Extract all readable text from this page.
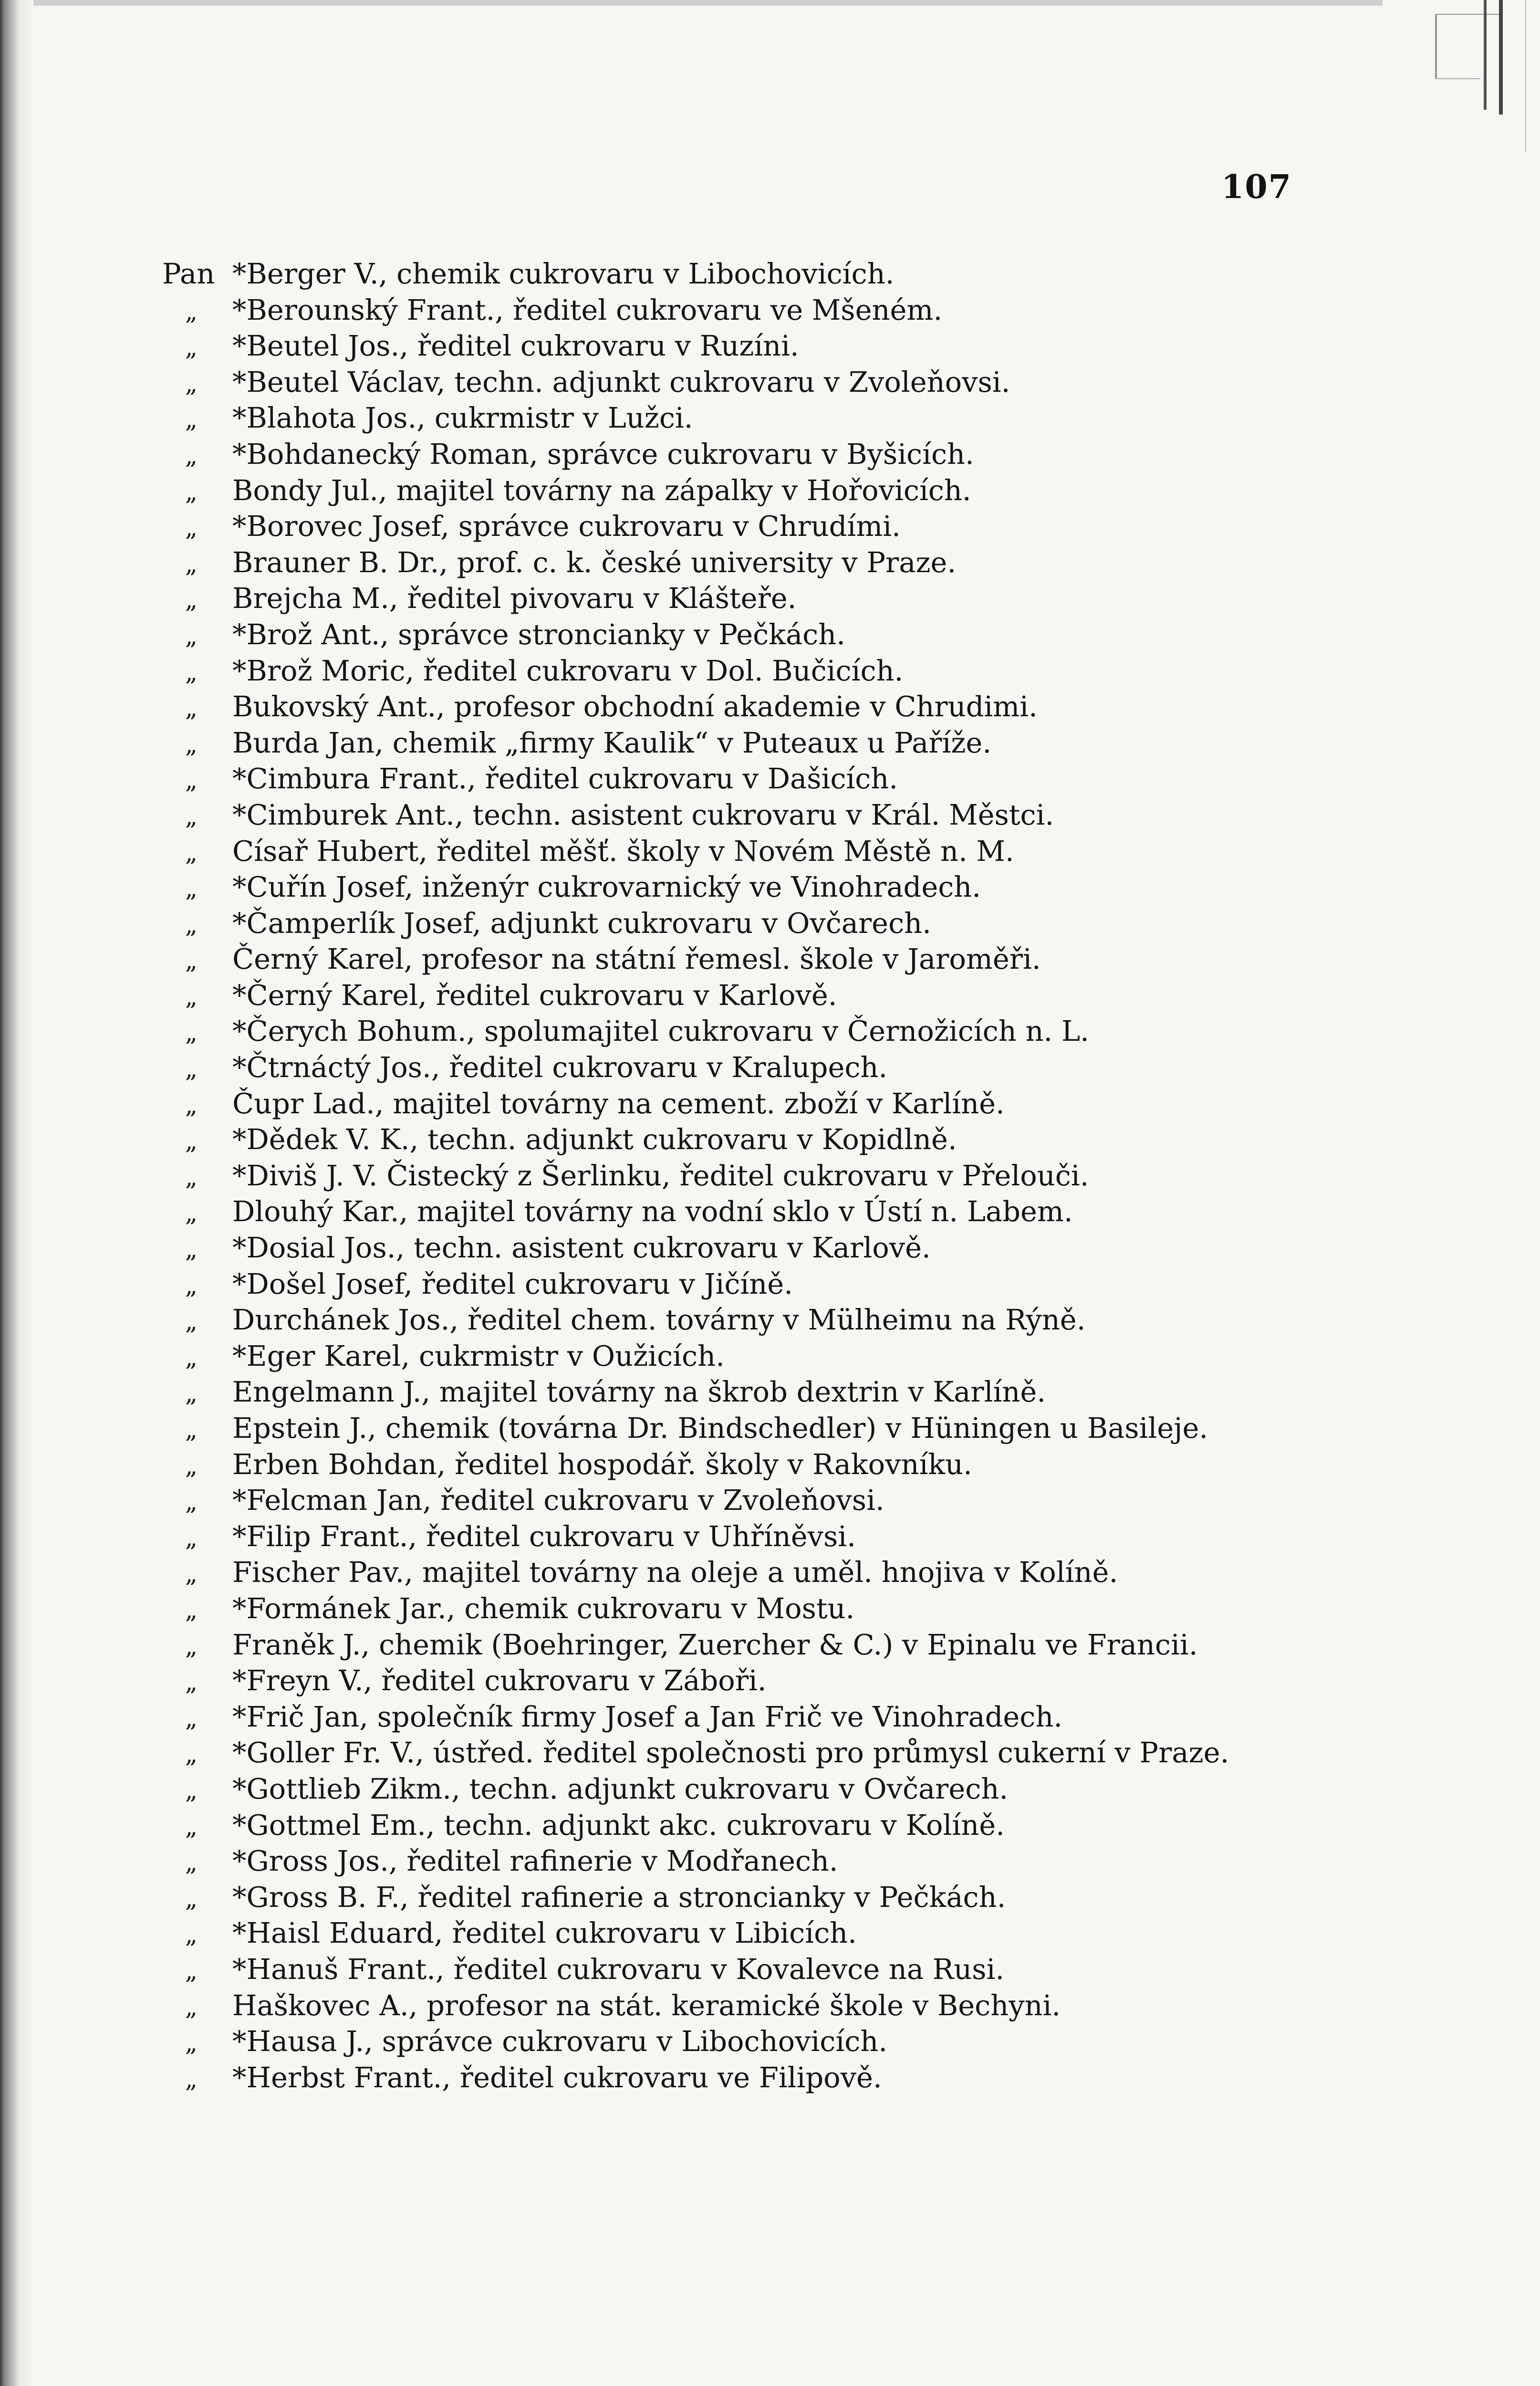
107
Pan *Berger V., chemik cukrovaru v Libochovicích.
„ *Berounský Frant., ředitel cukrovaru ve Mšeném.
„ *Beutel Jos., ředitel cukrovaru v Ruzíni.
„ *Beutel Václav, techn. adjunkt cukrovaru v Zvoleňovsi.
„ *Blahota Jos., cukrmistr v Lužci.
„ *Bohdanecký Roman, správce cukrovaru v Byšicích.
„ Bondy Jul., majitel továrny na zápalky v Hořovicích.
„ *Borovec Josef, správce cukrovaru v Chrudími.
„ Brauner B. Dr., prof. c. k. české university v Praze.
„ Brejcha M., ředitel pivovaru v Klášteře.
„ *Brož Ant., správce stroncianky v Pečkách.
„ *Brož Moric, ředitel cukrovaru v Dol. Bučicích.
„ Bukovský Ant., profesor obchodní akademie v Chrudimi.
„ Burda Jan, chemik „firmy Kaulik“ v Puteaux u Paříže.
„ *Cimbura Frant., ředitel cukrovaru v Dašicích.
„ *Cimburek Ant., techn. asistent cukrovaru v Král. Městci.
„ Císař Hubert, ředitel měšť. školy v Novém Městě n. M.
„ *Cuřín Josef, inženýr cukrovarnický ve Vinohradech.
„ *Čamperlík Josef, adjunkt cukrovaru v Ovčarech.
„ Černý Karel, profesor na státní řemesl. škole v Jaroměři.
„ *Černý Karel, ředitel cukrovaru v Karlově.
„ *Čerych Bohum., spolumajitel cukrovaru v Černožicích n. L.
„ *Čtrnáctý Jos., ředitel cukrovaru v Kralupech.
„ Čupr Lad., majitel továrny na cement. zboží v Karlíně.
„ *Dědek V. K., techn. adjunkt cukrovaru v Kopidlně.
„ *Diviš J. V. Čistecký z Šerlinku, ředitel cukrovaru v Přelouči.
„ Dlouhý Kar., majitel továrny na vodní sklo v Ústí n. Labem.
„ *Dosial Jos., techn. asistent cukrovaru v Karlově.
„ *Došel Josef, ředitel cukrovaru v Jičíně.
„ Durchánek Jos., ředitel chem. továrny v Mülheimu na Rýně.
„ *Eger Karel, cukrmistr v Oužicích.
„ Engelmann J., majitel továrny na škrob dextrin v Karlíně.
„ Epstein J., chemik (továrna Dr. Bindschedler) v Hüningen u Basileje.
„ Erben Bohdan, ředitel hospodář. školy v Rakovníku.
„ *Felcman Jan, ředitel cukrovaru v Zvoleňovsi.
„ *Filip Frant., ředitel cukrovaru v Uhříněvsi.
„ Fischer Pav., majitel továrny na oleje a uměl. hnojiva v Kolíně.
„ *Formánek Jar., chemik cukrovaru v Mostu.
„ Franěk J., chemik (Boehringer, Zuercher & C.) v Epinalu ve Francii.
„ *Freyn V., ředitel cukrovaru v Záboři.
„ *Frič Jan, společník firmy Josef a Jan Frič ve Vinohradech.
„ *Goller Fr. V., ústřed. ředitel společnosti pro průmysl cukerní v Praze.
„ *Gottlieb Zikm., techn. adjunkt cukrovaru v Ovčarech.
„ *Gottmel Em., techn. adjunkt akc. cukrovaru v Kolíně.
„ *Gross Jos., ředitel rafinerie v Modřanech.
„ *Gross B. F., ředitel rafinerie a stroncianky v Pečkách.
„ *Haisl Eduard, ředitel cukrovaru v Libicích.
„ *Hanuš Frant., ředitel cukrovaru v Kovalevce na Rusi.
„ Haškovec A., profesor na stát. keramické škole v Bechyni.
„ *Hausa J., správce cukrovaru v Libochovicích.
„ *Herbst Frant., ředitel cukrovaru ve Filipově.
